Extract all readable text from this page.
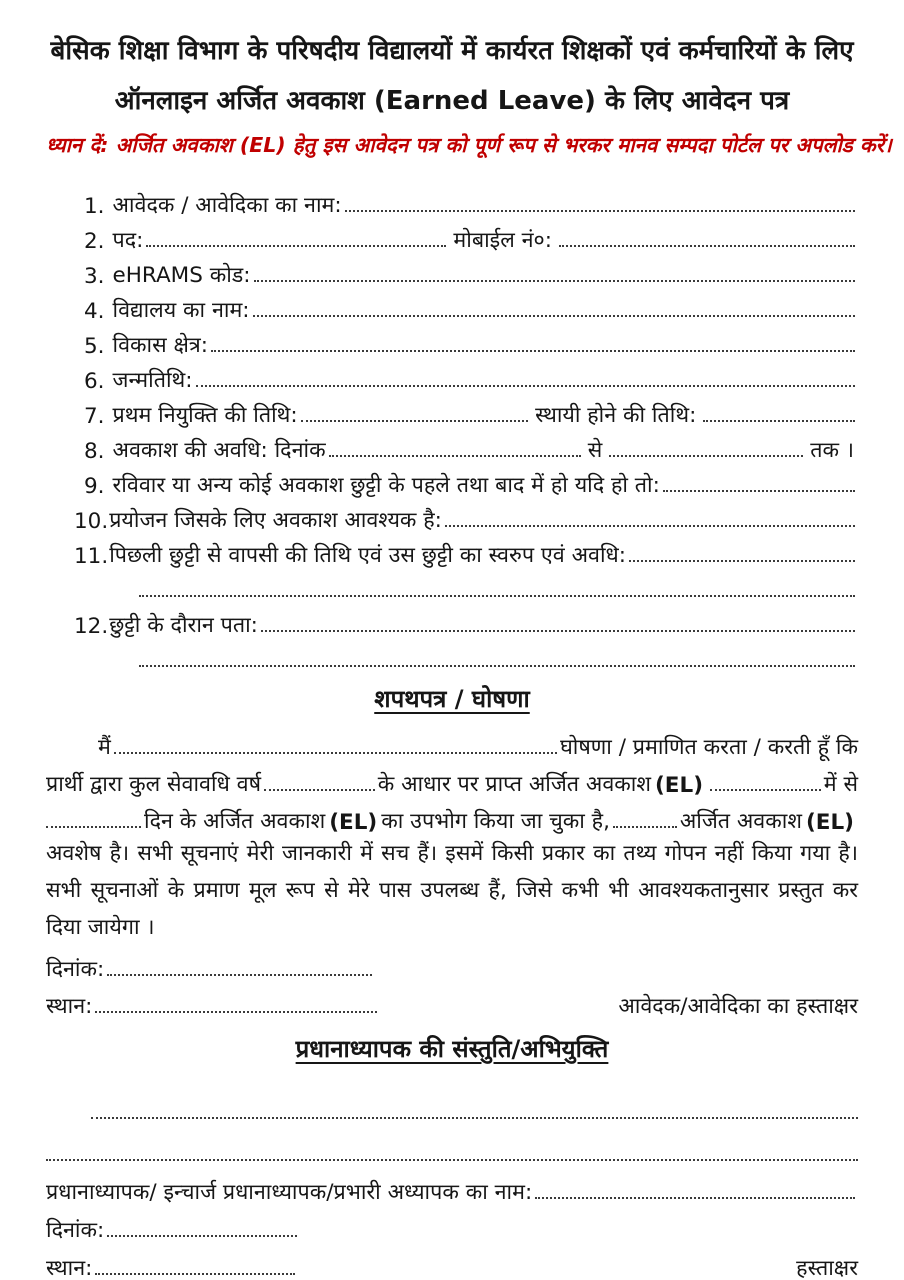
बेसिक शिक्षा विभाग के परिषदीय विद्यालयों में कार्यरत शिक्षकों एवं कर्मचारियों के लिए
ऑनलाइन अर्जित अवकाश (Earned Leave) के लिए आवेदन पत्र
ध्यान दें: अर्जित अवकाश (EL) हेतु इस आवेदन पत्र को पूर्ण रूप से भरकर मानव सम्पदा पोर्टल पर अपलोड करें।
1. आवेदक / आवेदिका का नाम:
2. पद:	मोबाईल नं०:
3. eHRAMS कोड:
4. विद्यालय का नाम:
5. विकास क्षेत्र:
6. जन्मतिथि:
7. प्रथम नियुक्ति की तिथि:	स्थायी होने की तिथि:
8. अवकाश की अवधि: दिनांक	से	तक ।
9. रविवार या अन्य कोई अवकाश छुट्टी के पहले तथा बाद में हो यदि हो तो:
10. प्रयोजन जिसके लिए अवकाश आवश्यक है:
11. पिछली छुट्टी से वापसी की तिथि एवं उस छुट्टी का स्वरुप एवं अवधि:
12. छुट्टी के दौरान पता:
शपथपत्र / घोषणा
मैं	घोषणा / प्रमाणित करता / करती हूँ कि
प्रार्थी द्वारा कुल सेवावधि वर्ष	के आधार पर प्राप्त अर्जित अवकाश (EL)	में से
दिन के अर्जित अवकाश (EL) का उपभोग किया जा चुका है,	अर्जित अवकाश (EL)
अवशेष है। सभी सूचनाएं मेरी जानकारी में सच हैं। इसमें किसी प्रकार का तथ्य गोपन नहीं किया गया है। सभी सूचनाओं के प्रमाण मूल रूप से मेरे पास उपलब्ध हैं, जिसे कभी भी आवश्यकतानुसार प्रस्तुत कर दिया जायेगा ।
दिनांक:
स्थान:	आवेदक/आवेदिका का हस्ताक्षर
प्रधानाध्यापक की संस्तुति/अभियुक्ति
प्रधानाध्यापक/ इन्चार्ज प्रधानाध्यापक/प्रभारी अध्यापक का नाम:
दिनांक:
स्थान:	हस्ताक्षर
